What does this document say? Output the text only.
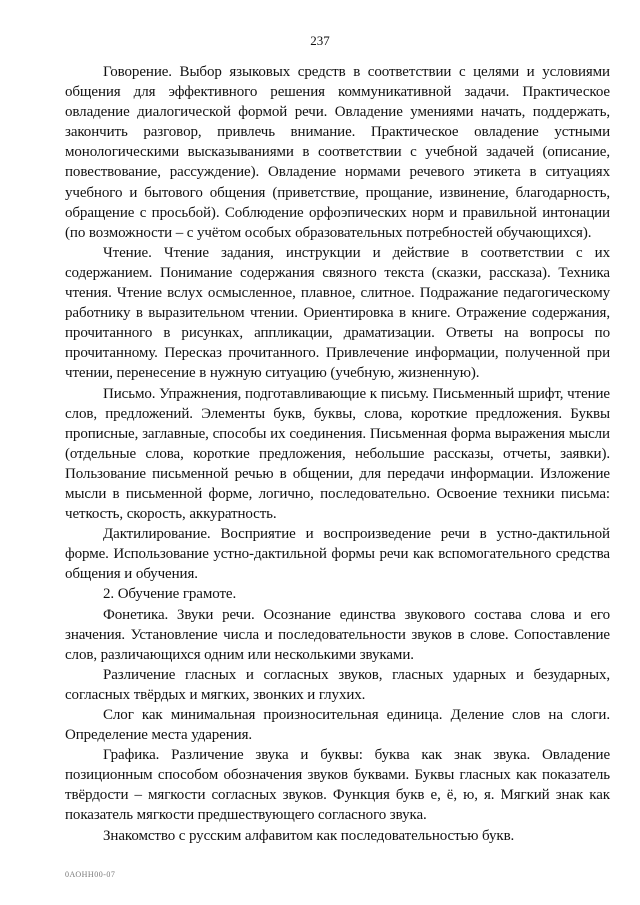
237

Говорение. Выбор языковых средств в соответствии с целями и условиями общения для эффективного решения коммуникативной задачи. Практическое овладение диалогической формой речи. Овладение умениями начать, поддержать, закончить разговор, привлечь внимание. Практическое овладение устными монологическими высказываниями в соответствии с учебной задачей (описание, повествование, рассуждение). Овладение нормами речевого этикета в ситуациях учебного и бытового общения (приветствие, прощание, извинение, благодарность, обращение с просьбой). Соблюдение орфоэпических норм и правильной интонации (по возможности – с учётом особых образовательных потребностей обучающихся).

Чтение. Чтение задания, инструкции и действие в соответствии с их содержанием. Понимание содержания связного текста (сказки, рассказа). Техника чтения. Чтение вслух осмысленное, плавное, слитное. Подражание педагогическому работнику в выразительном чтении. Ориентировка в книге. Отражение содержания, прочитанного в рисунках, аппликации, драматизации. Ответы на вопросы по прочитанному. Пересказ прочитанного. Привлечение информации, полученной при чтении, перенесение в нужную ситуацию (учебную, жизненную).

Письмо. Упражнения, подготавливающие к письму. Письменный шрифт, чтение слов, предложений. Элементы букв, буквы, слова, короткие предложения. Буквы прописные, заглавные, способы их соединения. Письменная форма выражения мысли (отдельные слова, короткие предложения, небольшие рассказы, отчеты, заявки). Пользование письменной речью в общении, для передачи информации. Изложение мысли в письменной форме, логично, последовательно. Освоение техники письма: четкость, скорость, аккуратность.

Дактилирование. Восприятие и воспроизведение речи в устно-дактильной форме. Использование устно-дактильной формы речи как вспомогательного средства общения и обучения.

2. Обучение грамоте.

Фонетика. Звуки речи. Осознание единства звукового состава слова и его значения. Установление числа и последовательности звуков в слове. Сопоставление слов, различающихся одним или несколькими звуками.

Различение гласных и согласных звуков, гласных ударных и безударных, согласных твёрдых и мягких, звонких и глухих.

Слог как минимальная произносительная единица. Деление слов на слоги. Определение места ударения.

Графика. Различение звука и буквы: буква как знак звука. Овладение позиционным способом обозначения звуков буквами. Буквы гласных как показатель твёрдости – мягкости согласных звуков. Функция букв е, ё, ю, я. Мягкий знак как показатель мягкости предшествующего согласного звука.

Знакомство с русским алфавитом как последовательностью букв.

0АОНН00-07
